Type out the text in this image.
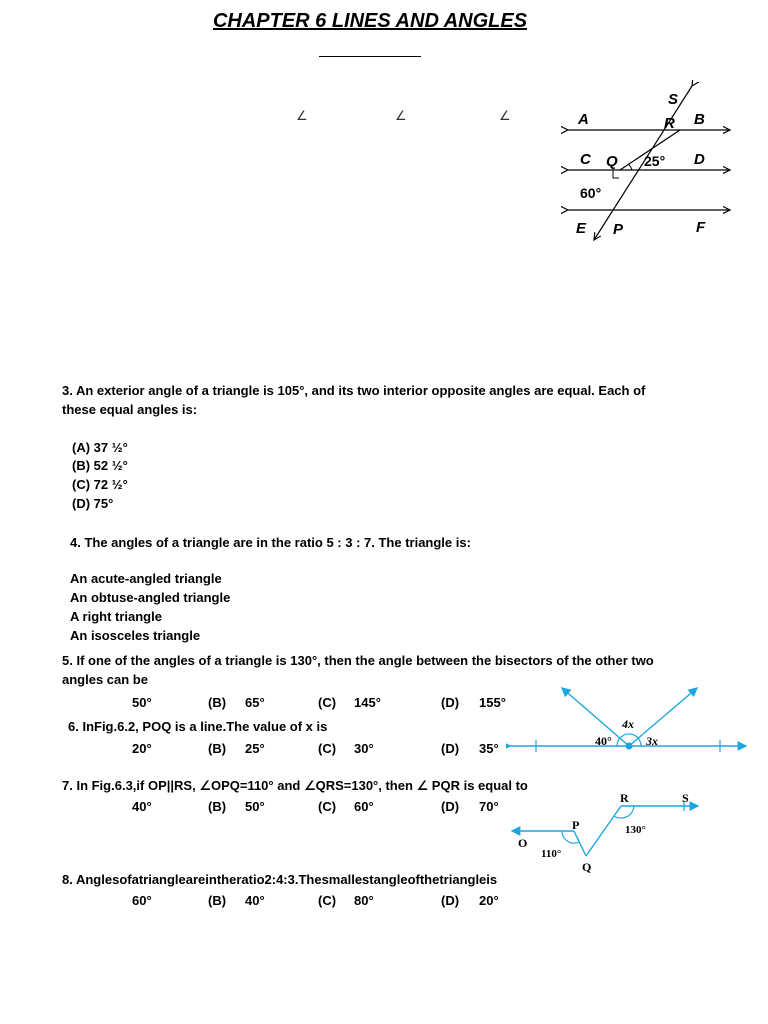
CHAPTER 6 LINES AND ANGLES
∠	∠	∠
S
R
A	B
C Q 25° D
60°
E P	F
3. An exterior angle of a triangle is 105°, and its two interior opposite angles are equal. Each of
these equal angles is:
(A) 37 ½°
(B) 52 ½°
(C) 72 ½°
(D) 75°
4. The angles of a triangle are in the ratio 5 : 3 : 7. The triangle is:
An acute-angled triangle
An obtuse-angled triangle
A right triangle
An isosceles triangle
5. If one of the angles of a triangle is 130°, then the angle between the bisectors of the other two
angles can be
50°	(B) 65°	(C) 145°	(D) 155°
6. InFig.6.2, POQ is a line.The value of x is
20°	(B) 25°	(C) 30°	(D) 35°
4x
40°	3x
7. In Fig.6.3,if OP||RS, ∠OPQ=110° and ∠QRS=130°, then ∠ PQR is equal to
40°	(B) 50°	(C) 60°	(D) 70°
R	S
P
O
Q
130°
110°
8. Anglesofatriangleareintheratio2:4:3.Thesmallestangleofthetriangleis
60°	(B) 40°	(C) 80°	(D) 20°
